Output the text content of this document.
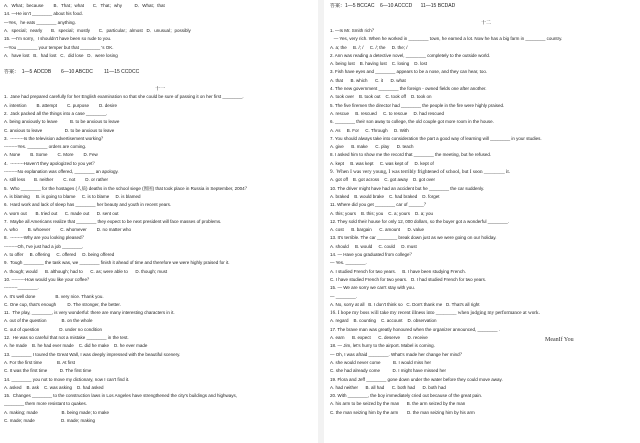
A．What；because        B．That；what       C．That；why          D．What；that
14. —He isn't ________ about his food.
—Yes，he eats ________ anything.
A．special；nearly       B．special；mostly       C．particular；almost   D．unusual；possibly
15. —I'm sorry，I shouldn't have been so rude to you.
—You ________ your temper but that ________ 's OK.
A．have lost   B．had lost   C．did lose   D．were losing
答案：  1—5 ADCDB       6—10 ABCDC        11—15 CCDCC
十一
1.  Jane had prepared carefully for her English examination so that she could be sure of passing it on her first ________.
A. intention        B. attempt        C. purpose        D. desire
2.  Jack packed all the things into a case ________.
A. being anxiously to leave          B. to be anxious to leave
C. anxious to leave                  D. to be anxious to leave
3.  ---------Is the television advertisement working？
---------Yes. ________ orders are coming.
A. None        B. Some        C. More        D. Few
4.  ---------Haven't they apologized to you yet？
---------No explanation was offered, ________ an apology.
A. still less       B. neither        C. not        D. or rather
5.  Who ________ for the hostages (人质) deaths in the school siege (围困) that took place in Russia in September, 2004？
A. is blaming     B. is going to blame     C. is to blame     D. is blamed
6.  Hard work and lack of sleep has ________ her beauty and youth in recent years.
A. worn out       B. tried out      C. made out      D. sent out
7.  Maybe all Americans realize that ________ they expect to be next president will face masses of problems.
A. who        B. whoever        C. whomever        D. no matter who
8.  ---------Why are you looking pleased？
---------Oh, I've just had a job ________.
A. to offer     B. offering     C. offered     D. being offered
9.  Tough ________ the task was, we ________ finish it ahead of time and therefore we were highly praised for it.
A. though; would      B. although; had to      C. as; were able to      D. though; must
10. ---------How would you like your coffee？
---------________.
A. It's well done                B. very nice. Thank you.
C. One cup, that's enough         D. The stronger, the better.
11.  The play, ________, is very wonderful: there are many interesting characters in it.
A. out of the question            B. on the whole
C. out of question                D. under no condition
12.  He was so careful that not a mistake ________ in the test.
A. he made    B. he had ever made    C. did he make    D. he ever made
13. ________ I toured the Great Wall, I was deeply impressed with the beautiful scenery.
A. For the first time            B. At first
C. It was the first time          D. The first time
14. ________ you not to move my dictionary, now I can't find it.
A. asked    B. ask    C. was asking    D. had asked
15.  Changes ________ to the construction laws in Los Angeles have strengthened the city's buildings and highways,
________ them more resistant to quakes.
A. making; made                   B. being made; to make
C. made; made                     D. made; making
答案：1—5 BCCAC    6—10 ACCCD      11—15 BCDAD
十二
1. —Is Mr. Smith rich？
— Yes, very rich. When he worked in ________ town, he earned a lot. Now he has a big farm in ________ country.
A. a; the     B. /; /     C. /; the     D. the; /
2. Ann was reading a detective novel, ________ completely to the outside world.
A. being lost    B. having lost    C. losing    D. lost
3. Fish have eyes and ________ appears to be a nose, and they can hear, too.
A. that      B. which      C. it      D. what
4. The new government ________ the foreign - owned fields one after another.
A. took over    B. took out    C. took off    D. took on
5. The five firemen the director had ________ the people in the fire were highly praised.
A. rescue     B. rescued     C. to rescue     D. had rescued
6. ________ their son away to college, the old couple got more room in the house.
A. As     B. For     C. Through     D. With
7. You should always take into consideration the part a good way of learning will ________ in your studies.
A. give      B. make      C. play      D. teach
8. I asked him to show me the record that ________ the meeting, but he refused.
A. kept     B. was kept     C. was kept of     D. kept of
9.  When I was very young, I was terribly frightened of school, but I soon ________ it.
A. got off    B. got across    C. got away    D. got over
10. The driver might have had an accident but he ________ the car suddenly.
A. braked    B. would brake    C. had braked    D. forget
11. Where did you get ________ car of ______？
A. this; yours    B. this; you    C. a; yours    D. a; you
12. They sold their house for only 12, 000 dollars, so the buyer got a wonderful ________.
A. cost      B. bargain      C. amount      D. value
13. It's terrible. The car ________ break down just as we were going on our holiday.
A. should     B. would     C. could     D. must
14. — Have you graduated from college？
— Yes. ________.
A. I studied French for two years.     B. I have been studying French.
C. I have studied French for two years.   D. I had studied French for two years.
15. — We are sorry we can't stay with you.
— ________.
A. No, sorry at all   B. I don't think so   C. Don't thank me   D. That's all right
16. I hope my boss will take my recent illness into ________ when judging my performance at work.
A. regard    B. counting    C. account    D. observation
17. The brave man was greatly honoured when the organizer announced, ________ .
A. earn      B. expect      C. deserve      D. receive
18. — Jim, let's hurry to the airport. Mabel is coming.
— Oh, I was afraid ________. What's made her change her mind？
A. she would never come          B. I would miss her
C. she had already come          D. I might have missed her
19. Flora and Jeff ________ gone down under the water before they could move away.
A. had neither      B. all had      C. both had      D. both had
20. With ________, the boy immediately cried out because of the great pain.
A. his arm to be seized by the man      B. the arm seized by the man
C. the man seizing him by the arm       D. the man seizing him by his arm
MeanIf You
